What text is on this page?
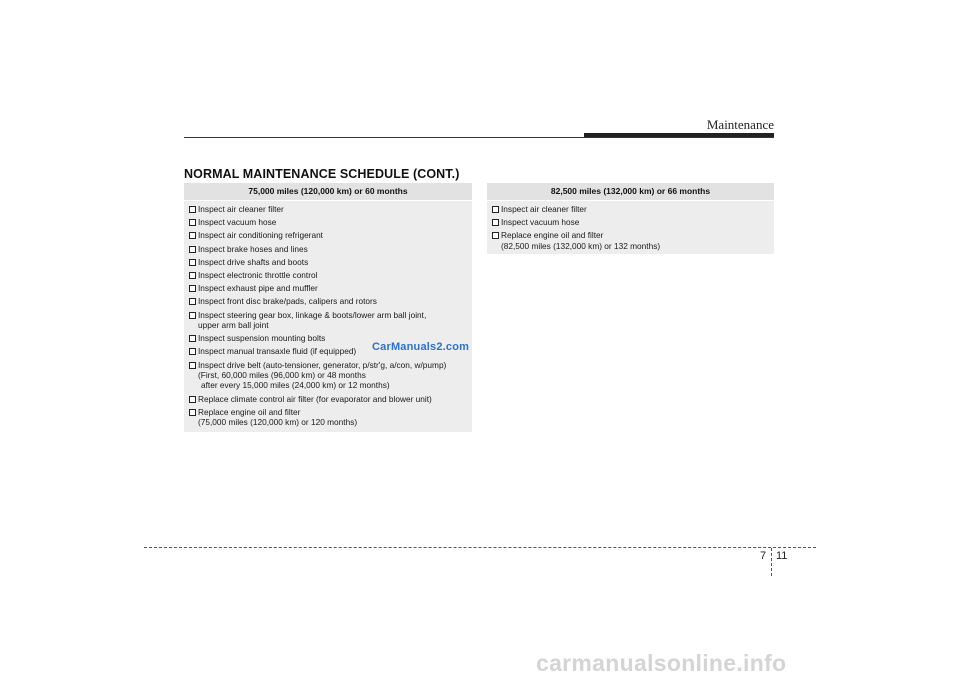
Maintenance
NORMAL MAINTENANCE SCHEDULE (CONT.)
75,000 miles (120,000 km) or 60 months
Inspect air cleaner filter
Inspect vacuum hose
Inspect air conditioning refrigerant
Inspect brake hoses and lines
Inspect drive shafts and boots
Inspect electronic throttle control
Inspect exhaust pipe and muffler
Inspect front disc brake/pads, calipers and rotors
Inspect steering gear box, linkage & boots/lower arm ball joint,
upper arm ball joint
Inspect suspension mounting bolts
Inspect manual transaxle fluid (if equipped)
Inspect drive belt (auto-tensioner, generator, p/str'g, a/con, w/pump)
(First, 60,000 miles (96,000 km) or 48 months
after every 15,000 miles (24,000 km) or 12 months)
Replace climate control air filter (for evaporator and blower unit)
Replace engine oil and filter
(75,000 miles (120,000 km) or 120 months)
82,500 miles (132,000 km) or 66 months
Inspect air cleaner filter
Inspect vacuum hose
Replace engine oil and filter
(82,500 miles (132,000 km) or 132 months)
CarManuals2.com
7 11
carmanualsonline.info
